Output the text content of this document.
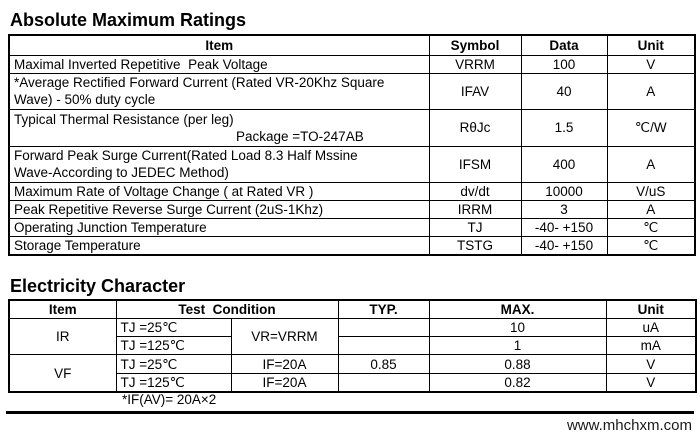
Absolute Maximum Ratings
Item	Symbol	Data	Unit

Maximal Inverted Repetitive  Peak Voltage	VRRM	100	V

*Average Rectified Forward Current (Rated VR-20Khz Square
Wave) - 50% duty cycle	IFAV	40	A

Typical Thermal Resistance (per leg)
Package =TO-247AB	RθJc	1.5	℃/W

Forward Peak Surge Current(Rated Load 8.3 Half Mssine
Wave-According to JEDEC Method)	IFSM	400	A

Maximum Rate of Voltage Change ( at Rated VR )	dv/dt	10000	V/uS

Peak Repetitive Reverse Surge Current (2uS-1Khz)	IRRM	3	A

Operating Junction Temperature	TJ	-40- +150	℃

Storage Temperature	TSTG	-40- +150	℃
Electricity Character
Item	Test  Condition		TYP.	MAX.	Unit
IR	TJ =25℃	VR=VRRM		10	uA
	TJ =125℃			1	mA
VF	TJ =25℃	IF=20A	0.85	0.88	V
	TJ =125℃	IF=20A		0.82	V
*IF(AV)= 20A×2
www.mhchxm.com
